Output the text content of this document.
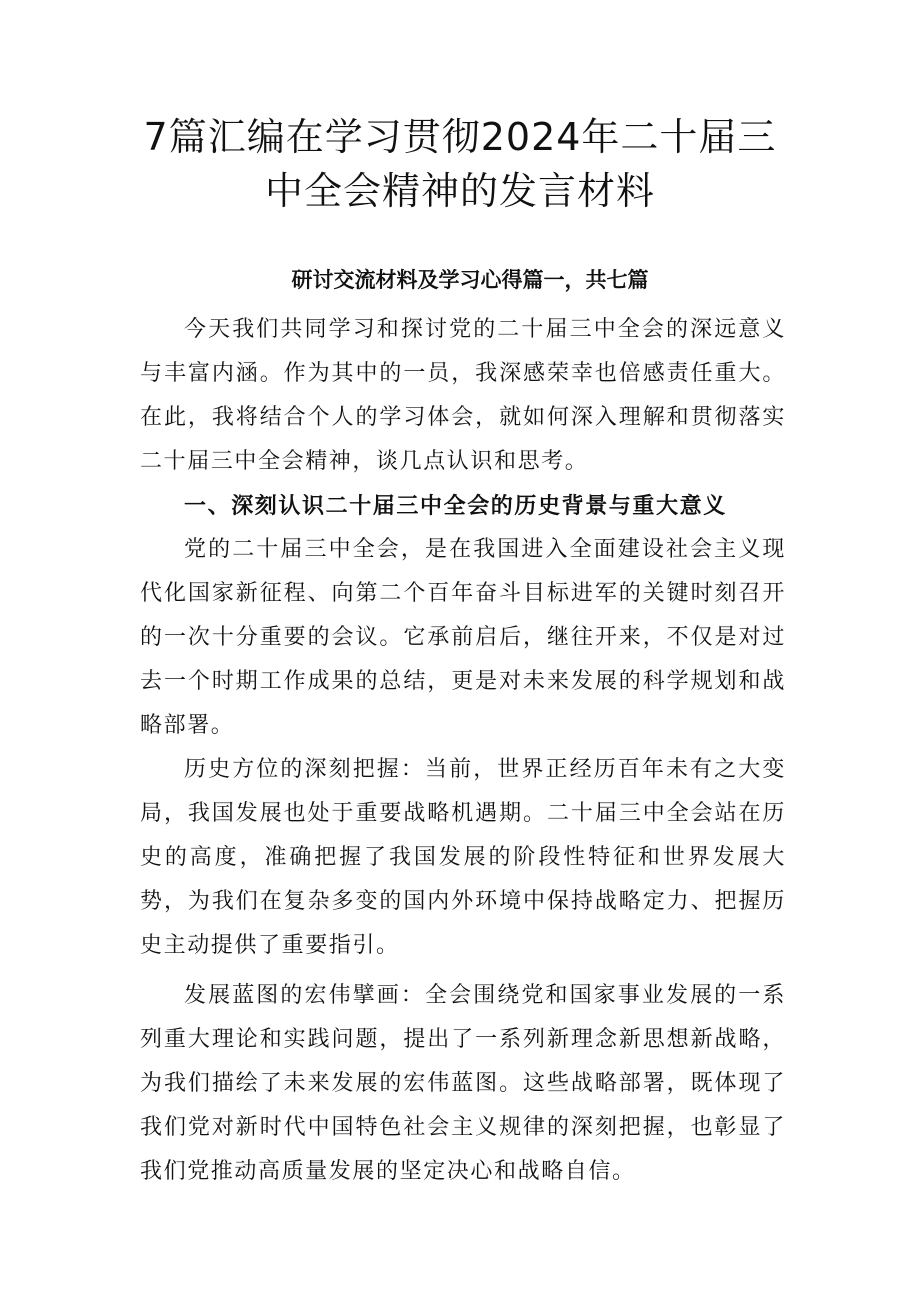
7篇汇编在学习贯彻2024年二十届三中全会精神的发言材料
研讨交流材料及学习心得篇一，共七篇

今天我们共同学习和探讨党的二十届三中全会的深远意义与丰富内涵。作为其中的一员，我深感荣幸也倍感责任重大。在此，我将结合个人的学习体会，就如何深入理解和贯彻落实二十届三中全会精神，谈几点认识和思考。

一、深刻认识二十届三中全会的历史背景与重大意义

党的二十届三中全会，是在我国进入全面建设社会主义现代化国家新征程、向第二个百年奋斗目标进军的关键时刻召开的一次十分重要的会议。它承前启后，继往开来，不仅是对过去一个时期工作成果的总结，更是对未来发展的科学规划和战略部署。

历史方位的深刻把握：当前，世界正经历百年未有之大变局，我国发展也处于重要战略机遇期。二十届三中全会站在历史的高度，准确把握了我国发展的阶段性特征和世界发展大势，为我们在复杂多变的国内外环境中保持战略定力、把握历史主动提供了重要指引。

发展蓝图的宏伟擘画：全会围绕党和国家事业发展的一系列重大理论和实践问题，提出了一系列新理念新思想新战略，为我们描绘了未来发展的宏伟蓝图。这些战略部署，既体现了我们党对新时代中国特色社会主义规律的深刻把握，也彰显了我们党推动高质量发展的坚定决心和战略自信。
